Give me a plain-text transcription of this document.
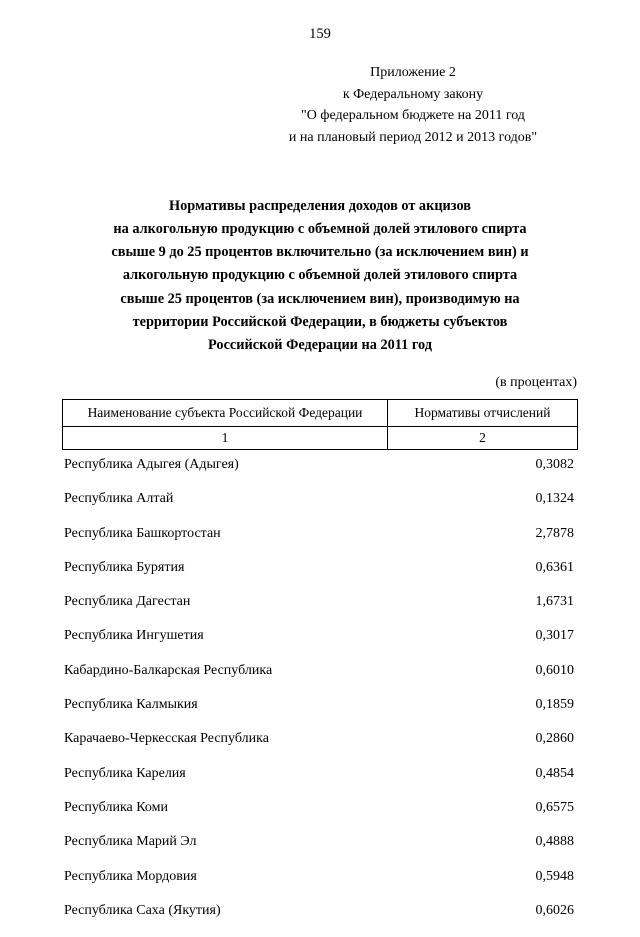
159
Приложение 2
к Федеральному закону
"О федеральном бюджете на 2011 год
и на плановый период 2012 и 2013 годов"
Нормативы распределения доходов от акцизов
на алкогольную продукцию с объемной долей этилового спирта
свыше 9 до 25 процентов включительно (за исключением вин) и
алкогольную продукцию с объемной долей этилового спирта
свыше 25 процентов (за исключением вин), производимую на
территории Российской Федерации, в бюджеты субъектов
Российской Федерации на 2011 год
(в процентах)
Наименование субъекта Российской Федерации	Нормативы отчислений
1	2
Республика Адыгея (Адыгея)	0,3082
Республика Алтай	0,1324
Республика Башкортостан	2,7878
Республика Бурятия	0,6361
Республика Дагестан	1,6731
Республика Ингушетия	0,3017
Кабардино-Балкарская Республика	0,6010
Республика Калмыкия	0,1859
Карачаево-Черкесская Республика	0,2860
Республика Карелия	0,4854
Республика Коми	0,6575
Республика Марий Эл	0,4888
Республика Мордовия	0,5948
Республика Саха (Якутия)	0,6026
